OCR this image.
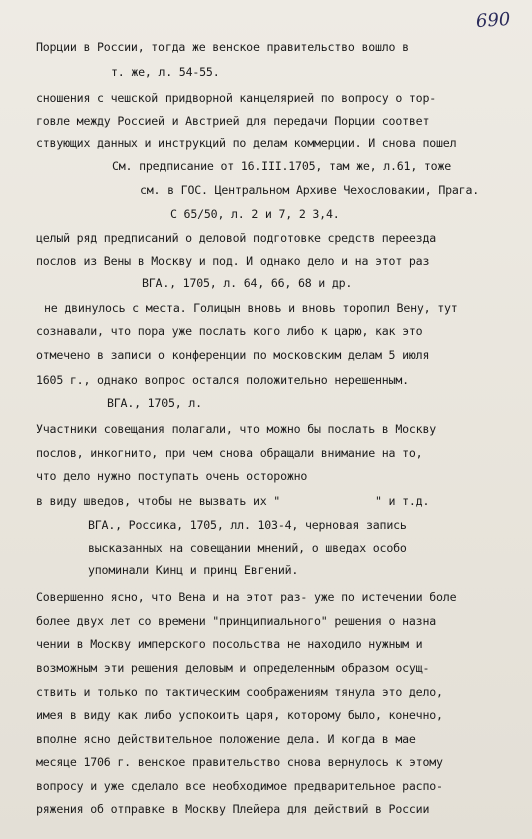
690
Порции в России, тогда же венское правительство вошло в
т. же, л. 54-55.
сношения с чешской придворной канцелярией по вопросу о тор-
говле между Россией и Австрией для передачи Порции соответ
ствующих данных и инструкций по делам коммерции. И снова пошел
См. предписание от 16.III.1705, там же, л.61, тоже
см. в ГОС. Центральном Архиве Чехословакии, Прага.
С 65/50, л. 2 и 7, 2 3,4.
целый ряд предписаний о деловой подготовке средств переезда
послов из Вены в Москву и под. И однако дело и на этот раз
ВГА., 1705, л. 64, 66, 68 и др.
не двинулось с места. Голицын вновь и вновь торопил Вену, тут
сознавали, что пора уже послать кого либо к царю, как это
отмечено в записи о конференции по московским делам 5 июля
1605 г., однако вопрос остался положительно нерешенным.
ВГА., 1705, л.
Участники совещания полагали, что можно бы послать в Москву
послов, инкогнито, при чем снова обращали внимание на то,
что дело нужно поступать очень осторожно
в виду шведов, чтобы не вызвать их "              " и т.д.
ВГА., Россика, 1705, лл. 103-4, черновая запись
высказанных на совещании мнений, о шведах особо
упоминали Кинц и принц Евгений.
Совершенно ясно, что Вена и на этот раз- уже по истечении боле
более двух лет со времени "принципиального" решения о назна
чении в Москву имперского посольства не находило нужным и
возможным эти решения деловым и определенным образом осущ-
ствить и только по тактическим соображениям тянула это дело,
имея в виду как либо успокоить царя, которому было, конечно,
вполне ясно действительное положение дела. И когда в мае
месяце 1706 г. венское правительство снова вернулось к этому
вопросу и уже сделало все необходимое предварительное распо-
ряжения об отправке в Москву Плейера для действий в России
